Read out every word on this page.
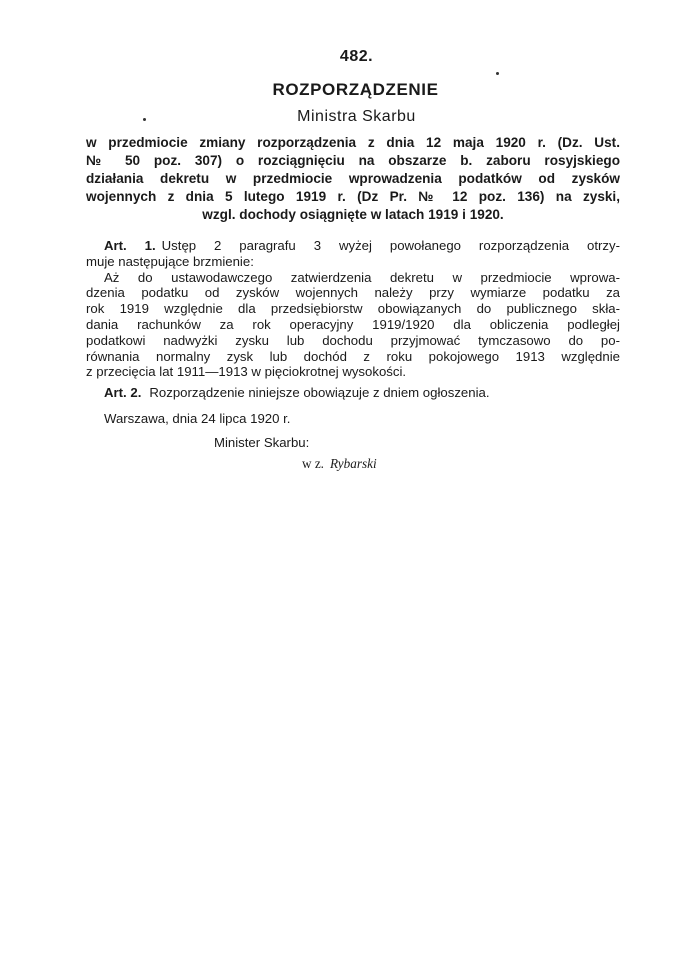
482.
ROZPORZĄDZENIE
Ministra Skarbu
w przedmiocie zmiany rozporządzenia z dnia 12 maja 1920 r. (Dz. Ust.
№ 50 poz. 307) o rozciągnięciu na obszarze b. zaboru rosyjskiego
działania dekretu w przedmiocie wprowadzenia podatków od zysków
wojennych z dnia 5 lutego 1919 r. (Dz Pr. № 12 poz. 136) na zyski,
wzgl. dochody osiągnięte w latach 1919 i 1920.
Art. 1. Ustęp 2 paragrafu 3 wyżej powołanego rozporządzenia otrzy-
muje następujące brzmienie:
Aż do ustawodawczego zatwierdzenia dekretu w przedmiocie wprowa-
dzenia podatku od zysków wojennych należy przy wymiarze podatku za
rok 1919 względnie dla przedsiębiorstw obowiązanych do publicznego skła-
dania rachunków za rok operacyjny 1919/1920 dla obliczenia podległej
podatkowi nadwyżki zysku lub dochodu przyjmować tymczasowo do po-
równania normalny zysk lub dochód z roku pokojowego 1913 względnie
z przecięcia lat 1911—1913 w pięciokrotnej wysokości.
Art. 2. Rozporządzenie niniejsze obowiązuje z dniem ogłoszenia.
Warszawa, dnia 24 lipca 1920 r.
Minister Skarbu:
w z. Rybarski
